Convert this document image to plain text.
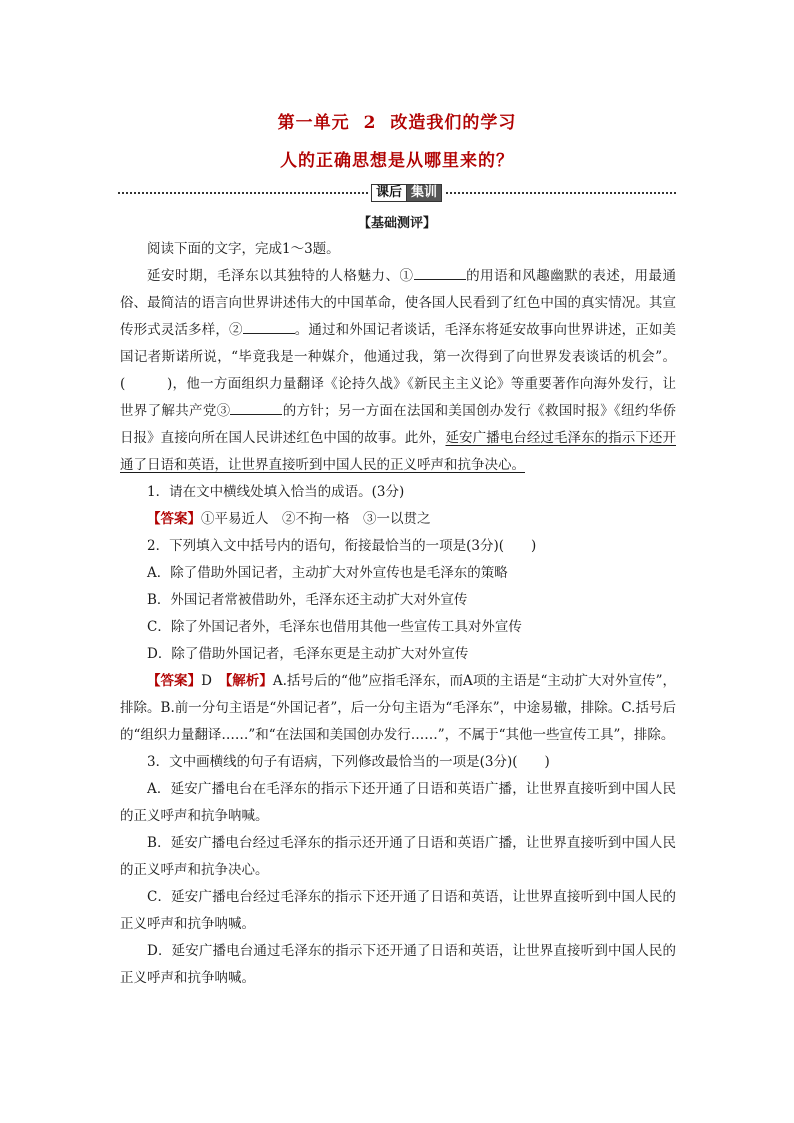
第一单元 2 改造我们的学习
人的正确思想是从哪里来的？
课后 集训
【基础测评】

阅读下面的文字，完成1～3题。

延安时期，毛泽东以其独特的人格魅力、①	的用语和风趣幽默的表述，用最通俗、最简洁的语言向世界讲述伟大的中国革命，使各国人民看到了红色中国的真实情况。其宣传形式灵活多样，②	。通过和外国记者谈话，毛泽东将延安故事向世界讲述，正如美国记者斯诺所说，“毕竟我是一种媒介，他通过我，第一次得到了向世界发表谈话的机会”。(　　　)，他一方面组织力量翻译《论持久战》《新民主主义论》等重要著作向海外发行，让世界了解共产党③	的方针；另一方面在法国和美国创办发行《救国时报》《纽约华侨日报》直接向所在国人民讲述红色中国的故事。此外，延安广播电台经过毛泽东的指示下还开通了日语和英语，让世界直接听到中国人民的正义呼声和抗争决心。

1．请在文中横线处填入恰当的成语。(3分)

【答案】①平易近人　②不拘一格　③一以贯之

2．下列填入文中括号内的语句，衔接最恰当的一项是(3分)(　　)

A．除了借助外国记者，主动扩大对外宣传也是毛泽东的策略

B．外国记者常被借助外，毛泽东还主动扩大对外宣传

C．除了外国记者外，毛泽东也借用其他一些宣传工具对外宣传

D．除了借助外国记者，毛泽东更是主动扩大对外宣传

【答案】D　【解析】A.括号后的“他”应指毛泽东，而A项的主语是“主动扩大对外宣传”，排除。B.前一分句主语是“外国记者”，后一分句主语为“毛泽东”，中途易辙，排除。C.括号后的“组织力量翻译……”和“在法国和美国创办发行……”，不属于“其他一些宣传工具”，排除。

3．文中画横线的句子有语病，下列修改最恰当的一项是(3分)(　　)

A．延安广播电台在毛泽东的指示下还开通了日语和英语广播，让世界直接听到中国人民的正义呼声和抗争呐喊。

B．延安广播电台经过毛泽东的指示还开通了日语和英语广播，让世界直接听到中国人民的正义呼声和抗争决心。

C．延安广播电台经过毛泽东的指示下还开通了日语和英语，让世界直接听到中国人民的正义呼声和抗争呐喊。

D．延安广播电台通过毛泽东的指示下还开通了日语和英语，让世界直接听到中国人民的正义呼声和抗争呐喊。
